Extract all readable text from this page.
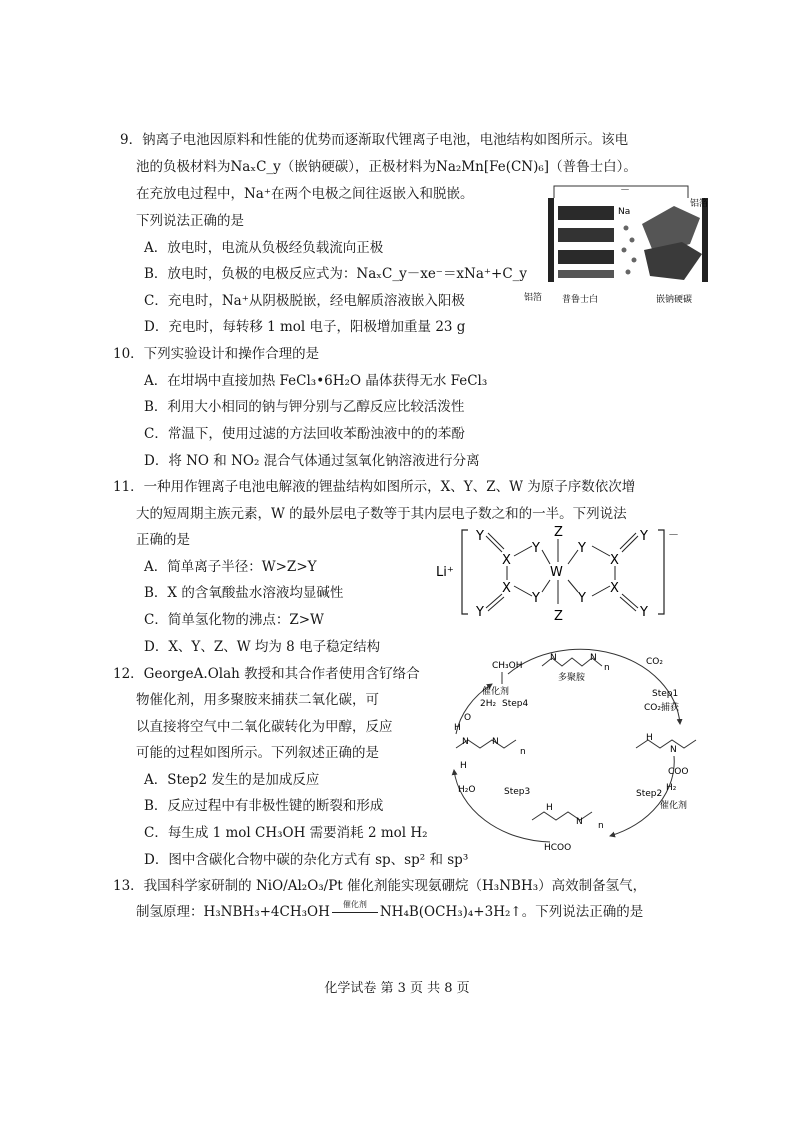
9．钠离子电池因原料和性能的优势而逐渐取代锂离子电池，电池结构如图所示。该电
池的负极材料为NaₓC_y（嵌钠硬碳），正极材料为Na₂Mn[Fe(CN)₆]（普鲁士白）。
在充放电过程中，Na⁺在两个电极之间往返嵌入和脱嵌。
下列说法正确的是
A．放电时，电流从负极经负载流向正极
B．放电时，负极的电极反应式为：NaₓC_y－xe⁻＝xNa⁺+C_y
C．充电时，Na⁺从阴极脱嵌，经电解质溶液嵌入阳极
D．充电时，每转移 1 mol 电子，阳极增加重量 23 g
－
Na
铝箔 普鲁士白	嵌钠硬碳
铝箔
10．下列实验设计和操作合理的是
A．在坩埚中直接加热 FeCl₃•6H₂O 晶体获得无水 FeCl₃
B．利用大小相同的钠与钾分别与乙醇反应比较活泼性
C．常温下，使用过滤的方法回收苯酚浊液中的的苯酚
D．将 NO 和 NO₂ 混合气体通过氢氧化钠溶液进行分离
11．一种用作锂离子电池电解液的锂盐结构如图所示，X、Y、Z、W 为原子序数依次增
大的短周期主族元素，W 的最外层电子数等于其内层电子数之和的一半。下列说法
正确的是
A．简单离子半径：W>Z>Y
B．X 的含氧酸盐水溶液均显碱性
C．简单氢化物的沸点：Z>W
D．X、Y、Z、W 均为 8 电子稳定结构
Li⁺
－
W
Z
Z
Y	Y
Y	Y
X
X
X
X
Y
Y
Y
Y
12．GeorgeA.Olah 教授和其合作者使用含钌络合
物催化剂，用多聚胺来捕获二氧化碳，可
以直接将空气中二氧化碳转化为甲醇，反应
可能的过程如图所示。下列叙述正确的是
A．Step2 发生的是加成反应
B．反应过程中有非极性键的断裂和形成
C．每生成 1 mol CH₃OH 需要消耗 2 mol H₂
D．图中含碳化合物中碳的杂化方式有 sp、sp² 和 sp³
CH₃OH
N	N
n
多聚胺
CO₂
Step1
CO₂捕获
催化剂
2H₂ Step4
H
O
N	N
n
H
H
N
COO
H₂O	Step3	Step2
H₂
催化剂
H
N n
HCOO
13．我国科学家研制的 NiO/Al₂O₃/Pt 催化剂能实现氨硼烷（H₃NBH₃）高效制备氢气，
制氢原理：H₃NBH₃+4CH₃OH	催化剂 NH₄B(OCH₃)₄+3H₂↑。下列说法正确的是
化学试卷 第 3 页 共 8 页
